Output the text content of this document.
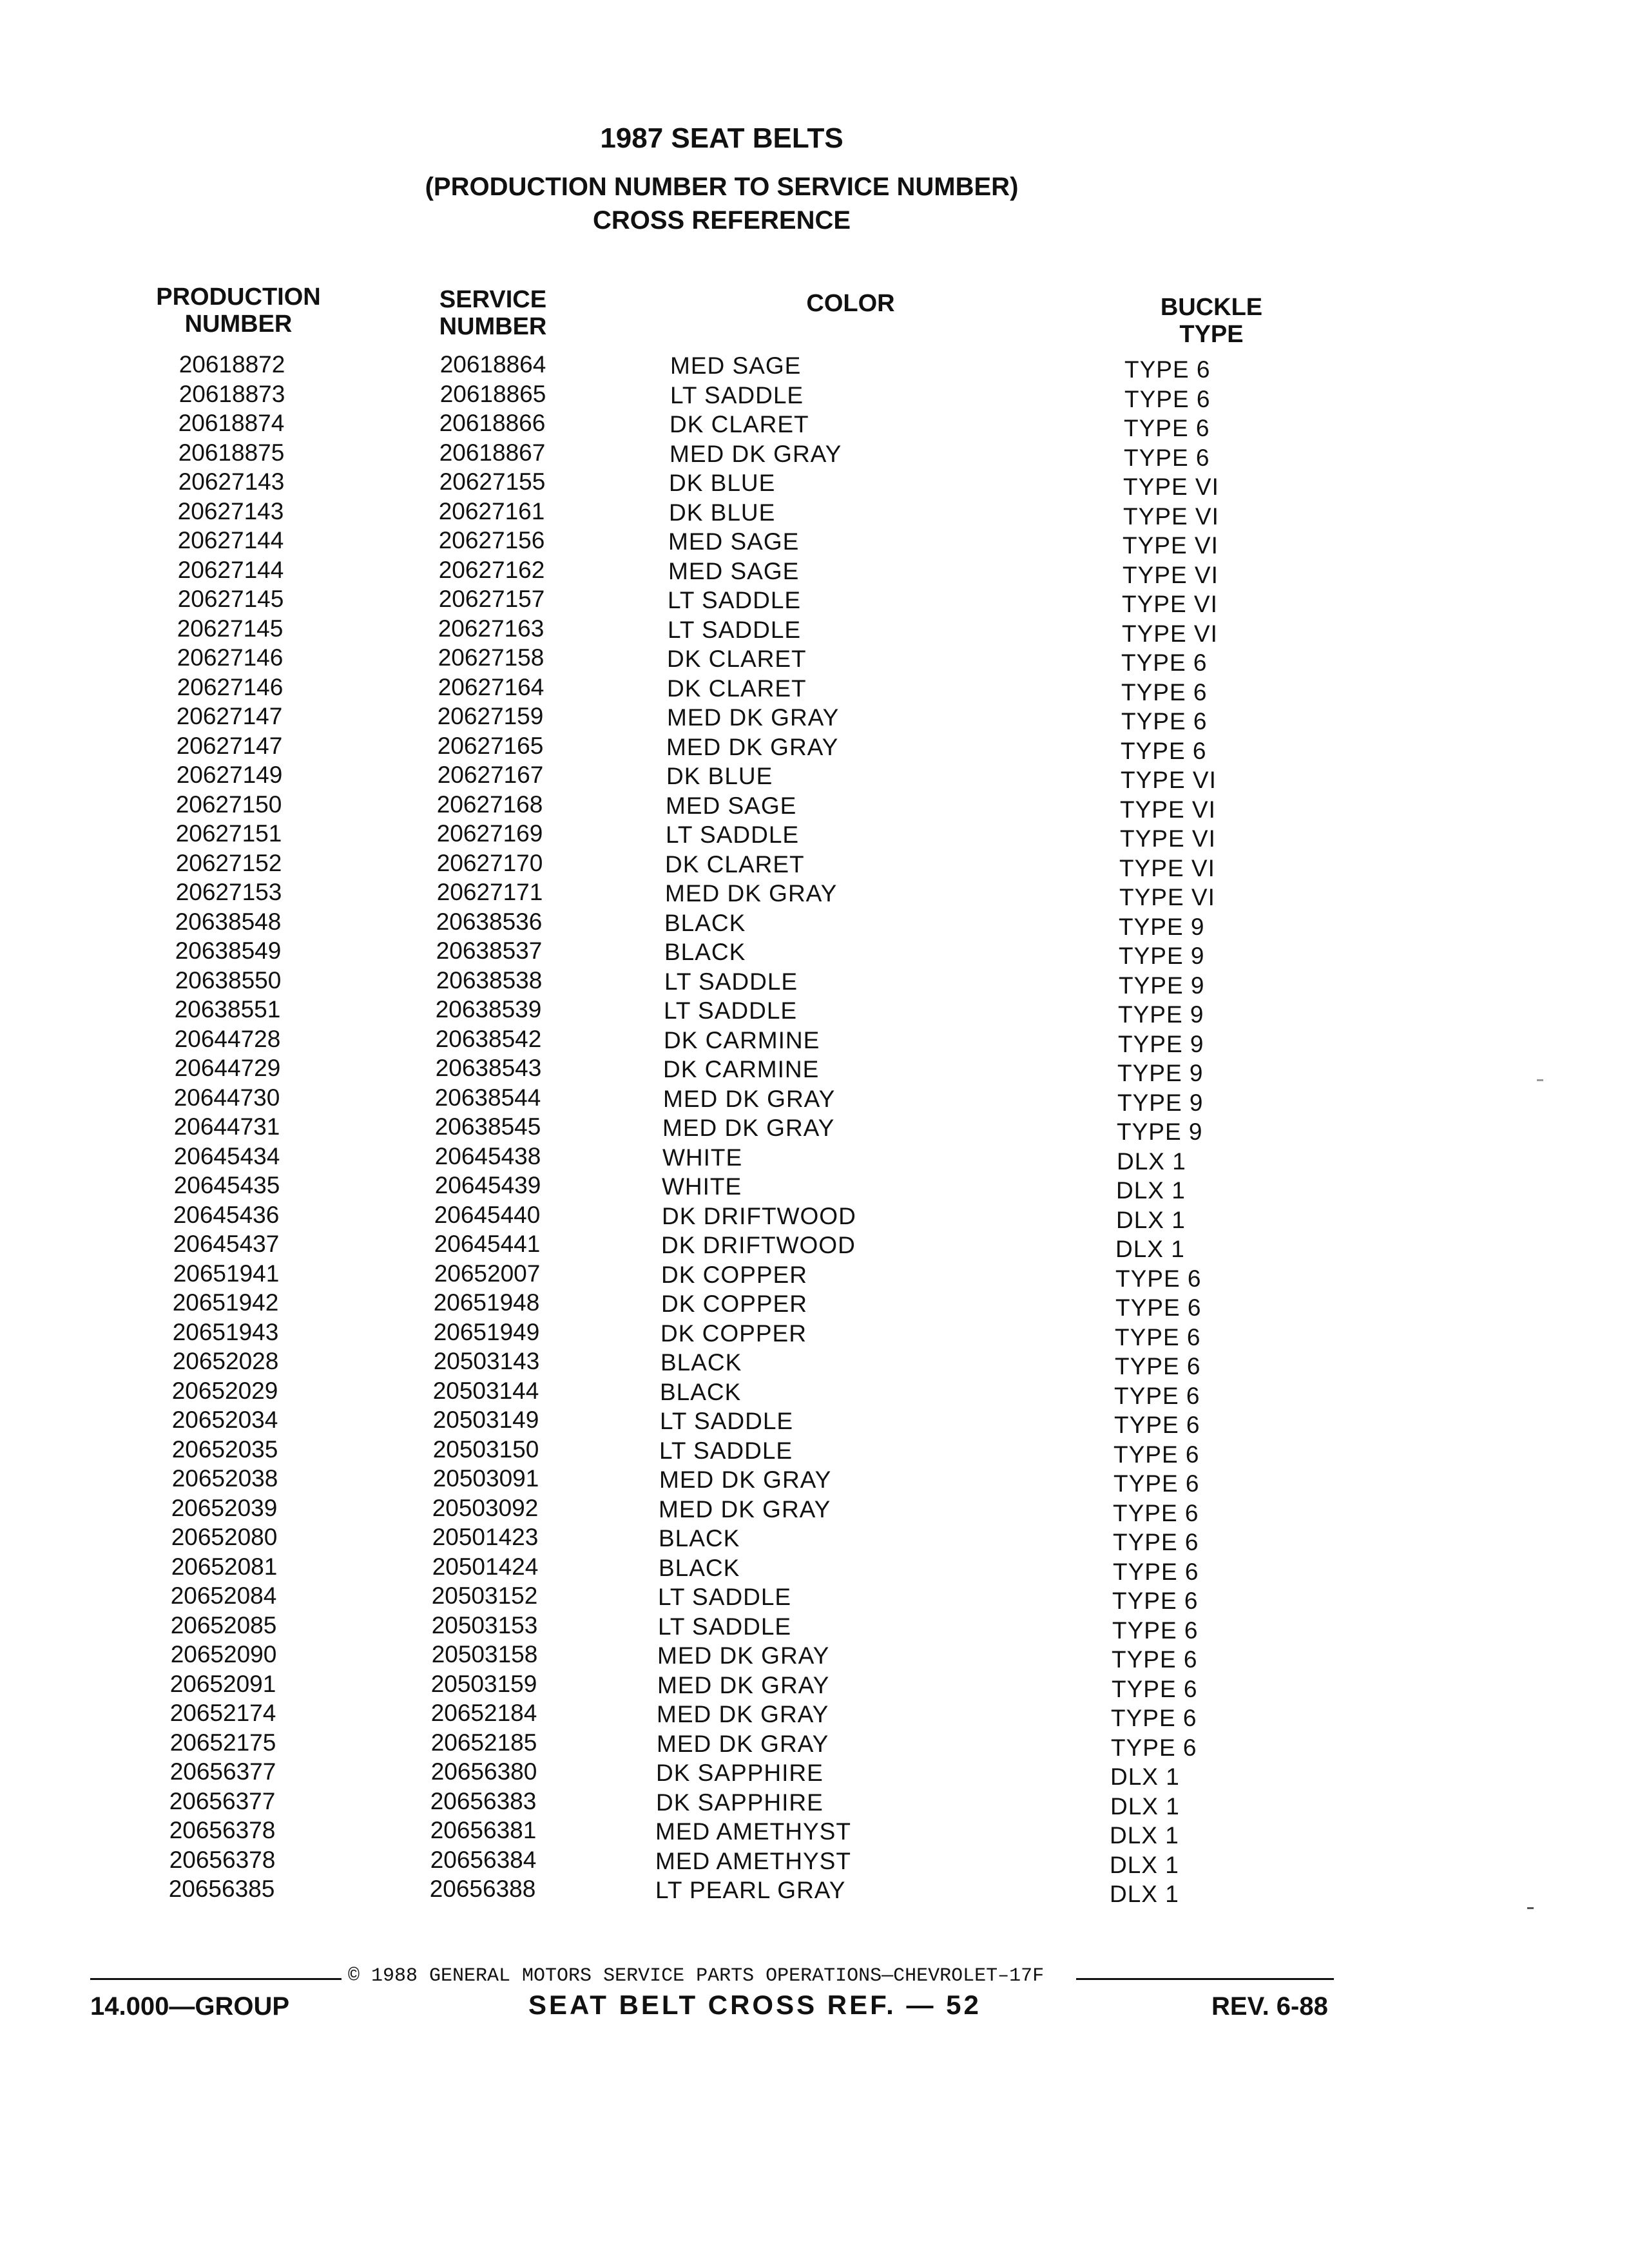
1987 SEAT BELTS
(PRODUCTION NUMBER TO SERVICE NUMBER)
CROSS REFERENCE
PRODUCTION
NUMBER
SERVICE
NUMBER
COLOR	BUCKLE
TYPE
20618872	20618864	MED SAGE	TYPE 6
20618873	20618865	LT SADDLE	TYPE 6
20618874	20618866	DK CLARET	TYPE 6
20618875	20618867	MED DK GRAY	TYPE 6
20627143	20627155	DK BLUE	TYPE VI
20627143	20627161	DK BLUE	TYPE VI
20627144	20627156	MED SAGE	TYPE VI
20627144	20627162	MED SAGE	TYPE VI
20627145	20627157	LT SADDLE	TYPE VI
20627145	20627163	LT SADDLE	TYPE VI
20627146	20627158	DK CLARET	TYPE 6
20627146	20627164	DK CLARET	TYPE 6
20627147	20627159	MED DK GRAY	TYPE 6
20627147	20627165	MED DK GRAY	TYPE 6
20627149	20627167	DK BLUE	TYPE VI
20627150	20627168	MED SAGE	TYPE VI
20627151	20627169	LT SADDLE	TYPE VI
20627152	20627170	DK CLARET	TYPE VI
20627153	20627171	MED DK GRAY	TYPE VI
20638548	20638536	BLACK	TYPE 9
20638549	20638537	BLACK	TYPE 9
20638550	20638538	LT SADDLE	TYPE 9
20638551	20638539	LT SADDLE	TYPE 9
20644728	20638542	DK CARMINE	TYPE 9
20644729	20638543	DK CARMINE	TYPE 9
20644730	20638544	MED DK GRAY	TYPE 9
20644731	20638545	MED DK GRAY	TYPE 9
20645434	20645438	WHITE	DLX 1
20645435	20645439	WHITE	DLX 1
20645436	20645440	DK DRIFTWOOD	DLX 1
20645437	20645441	DK DRIFTWOOD	DLX 1
20651941	20652007	DK COPPER	TYPE 6
20651942	20651948	DK COPPER	TYPE 6
20651943	20651949	DK COPPER	TYPE 6
20652028	20503143	BLACK	TYPE 6
20652029	20503144	BLACK	TYPE 6
20652034	20503149	LT SADDLE	TYPE 6
20652035	20503150	LT SADDLE	TYPE 6
20652038	20503091	MED DK GRAY	TYPE 6
20652039	20503092	MED DK GRAY	TYPE 6
20652080	20501423	BLACK	TYPE 6
20652081	20501424	BLACK	TYPE 6
20652084	20503152	LT SADDLE	TYPE 6
20652085	20503153	LT SADDLE	TYPE 6
20652090	20503158	MED DK GRAY	TYPE 6
20652091	20503159	MED DK GRAY	TYPE 6
20652174	20652184	MED DK GRAY	TYPE 6
20652175	20652185	MED DK GRAY	TYPE 6
20656377	20656380	DK SAPPHIRE	DLX 1
20656377	20656383	DK SAPPHIRE	DLX 1
20656378	20656381	MED AMETHYST	DLX 1
20656378	20656384	MED AMETHYST	DLX 1
20656385	20656388	LT PEARL GRAY	DLX 1
© 1988 GENERAL MOTORS SERVICE PARTS OPERATIONS—CHEVROLET–17F
14.000—GROUP	SEAT BELT CROSS REF. — 52	REV. 6-88
